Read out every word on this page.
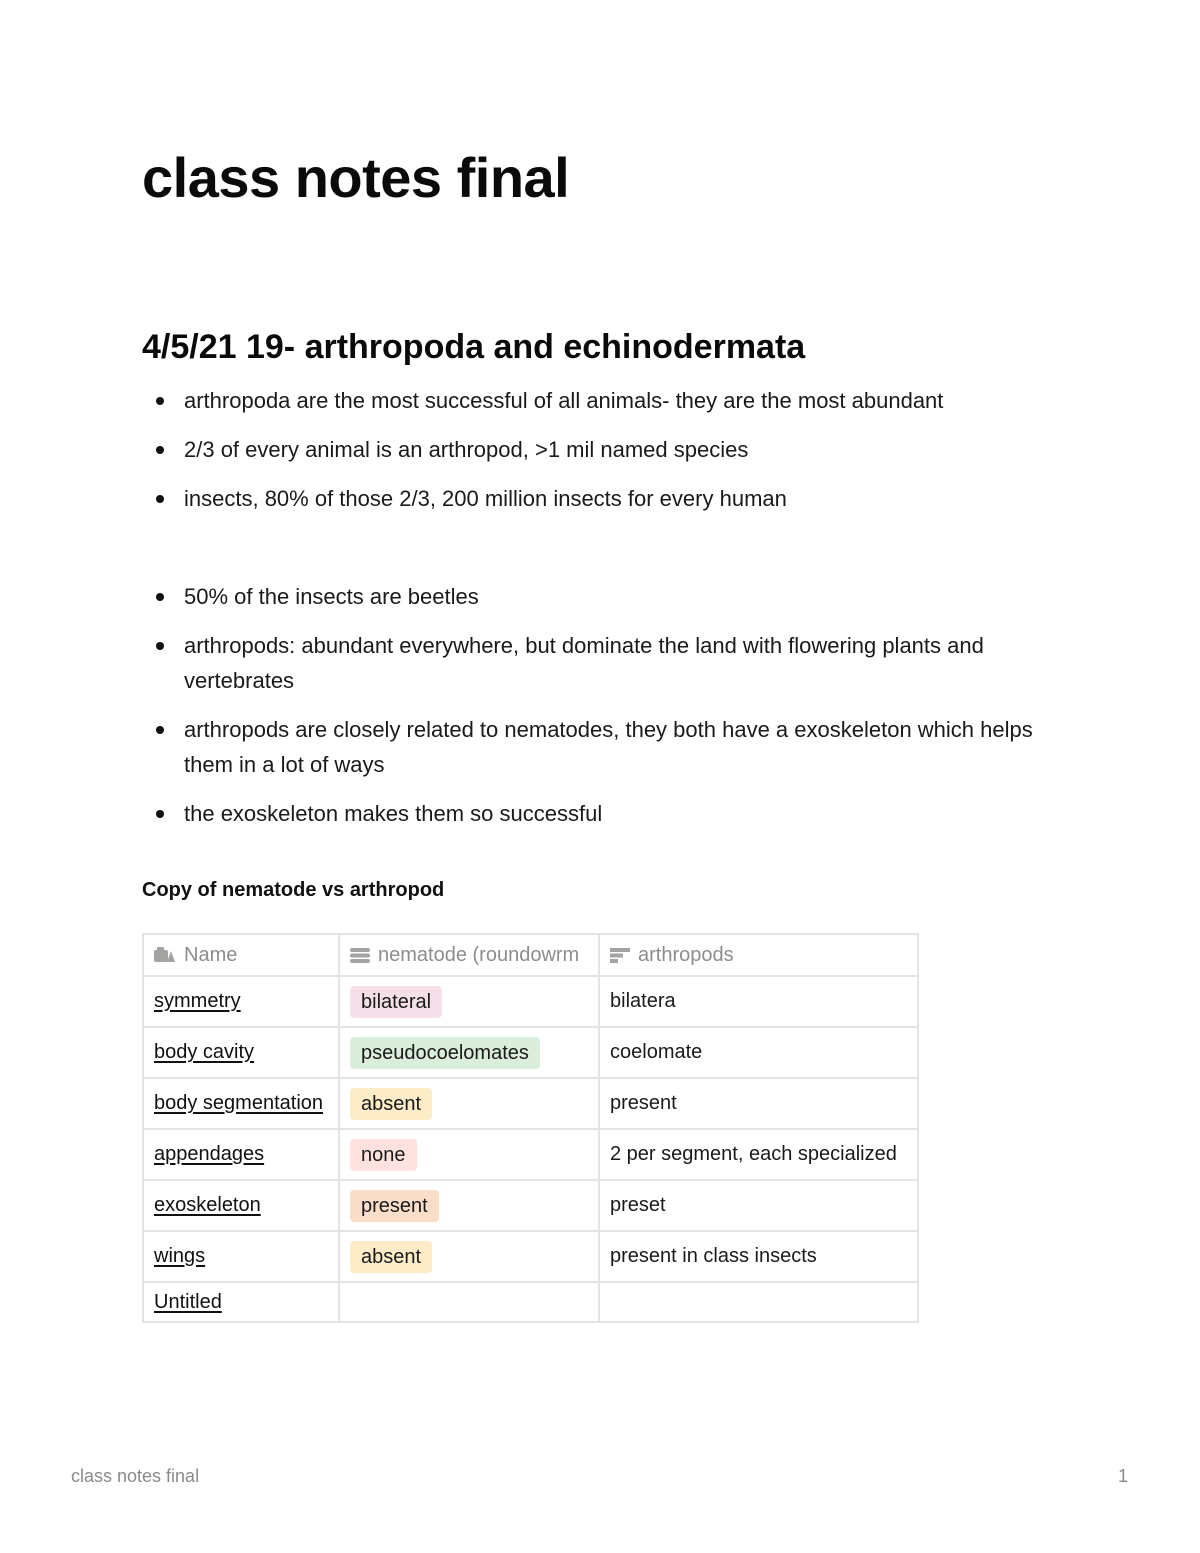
class notes final
4/5/21 19- arthropoda and echinodermata
arthropoda are the most successful of all animals- they are the most abundant
2/3 of every animal is an arthropod, >1 mil named species
insects, 80% of those 2/3, 200 million insects for every human
50% of the insects are beetles
arthropods: abundant everywhere, but dominate the land with flowering plants and vertebrates
arthropods are closely related to nematodes, they both have a exoskeleton which helps them in a lot of ways
the exoskeleton makes them so successful
Copy of nematode vs arthropod
Name	nematode (roundowrm	arthropods
symmetry	bilateral	bilatera
body cavity	pseudocoelomates	coelomate
body segmentation	absent	present
appendages	none	2 per segment, each specialized
exoskeleton	present	preset
wings	absent	present in class insects
Untitled		
class notes final	1
